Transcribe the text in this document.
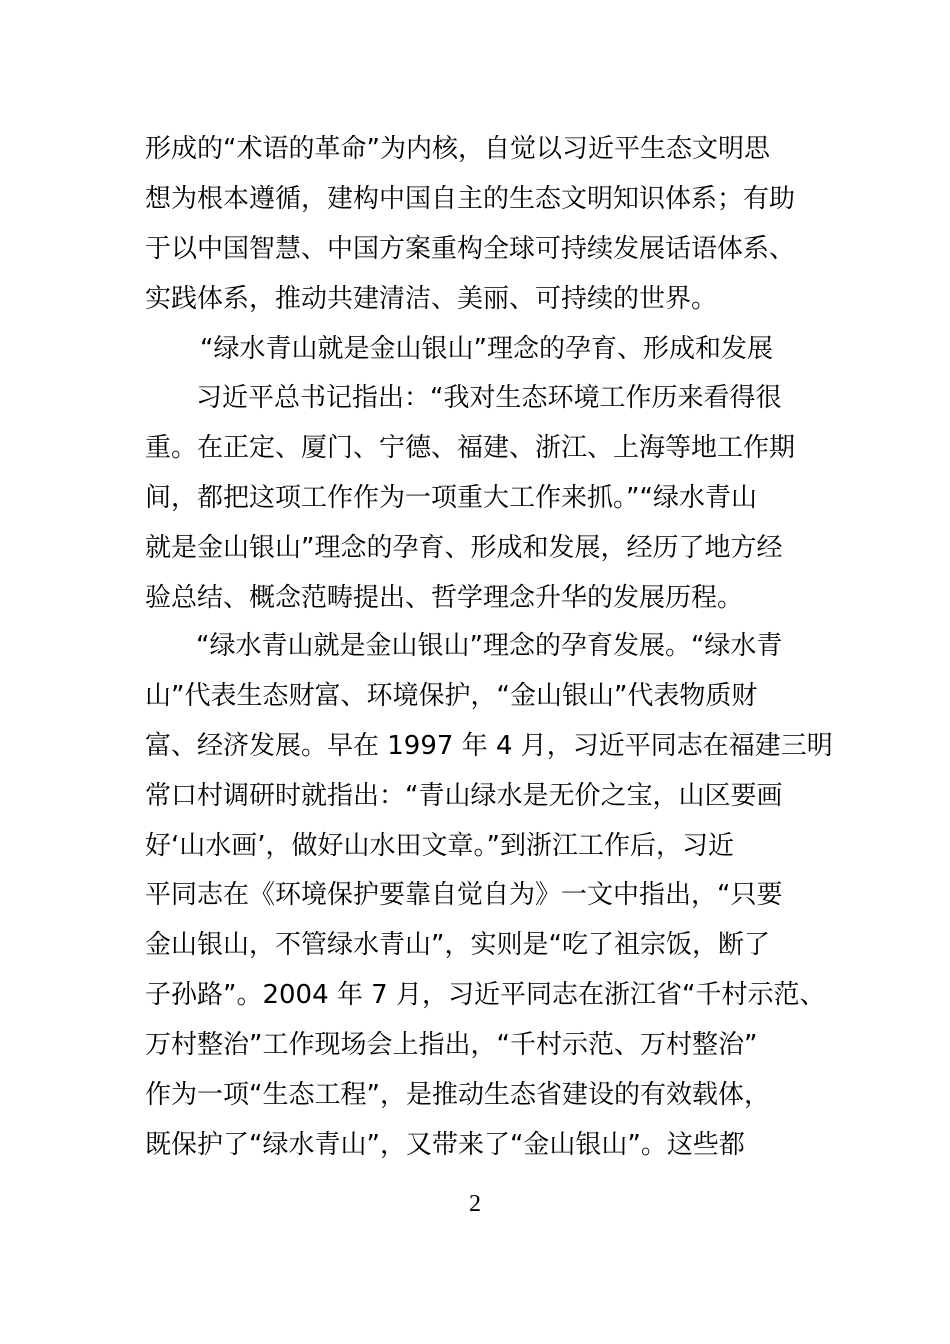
形成的“术语的革命”为内核，自觉以习近平生态文明思
想为根本遵循，建构中国自主的生态文明知识体系；有助
于以中国智慧、中国方案重构全球可持续发展话语体系、
实践体系，推动共建清洁、美丽、可持续的世界。
“绿水青山就是金山银山”理念的孕育、形成和发展
习近平总书记指出：“我对生态环境工作历来看得很
重。在正定、厦门、宁德、福建、浙江、上海等地工作期
间，都把这项工作作为一项重大工作来抓。”“绿水青山
就是金山银山”理念的孕育、形成和发展，经历了地方经
验总结、概念范畴提出、哲学理念升华的发展历程。
“绿水青山就是金山银山”理念的孕育发展。“绿水青
山”代表生态财富、环境保护，“金山银山”代表物质财
富、经济发展。早在 1997 年 4 月，习近平同志在福建三明
常口村调研时就指出：“青山绿水是无价之宝，山区要画
好‘山水画’，做好山水田文章。”到浙江工作后，习近
平同志在《环境保护要靠自觉自为》一文中指出，“只要
金山银山，不管绿水青山”，实则是“吃了祖宗饭，断了
子孙路”。2004 年 7 月，习近平同志在浙江省“千村示范、
万村整治”工作现场会上指出，“千村示范、万村整治”
作为一项“生态工程”，是推动生态省建设的有效载体，
既保护了“绿水青山”，又带来了“金山银山”。这些都
2
